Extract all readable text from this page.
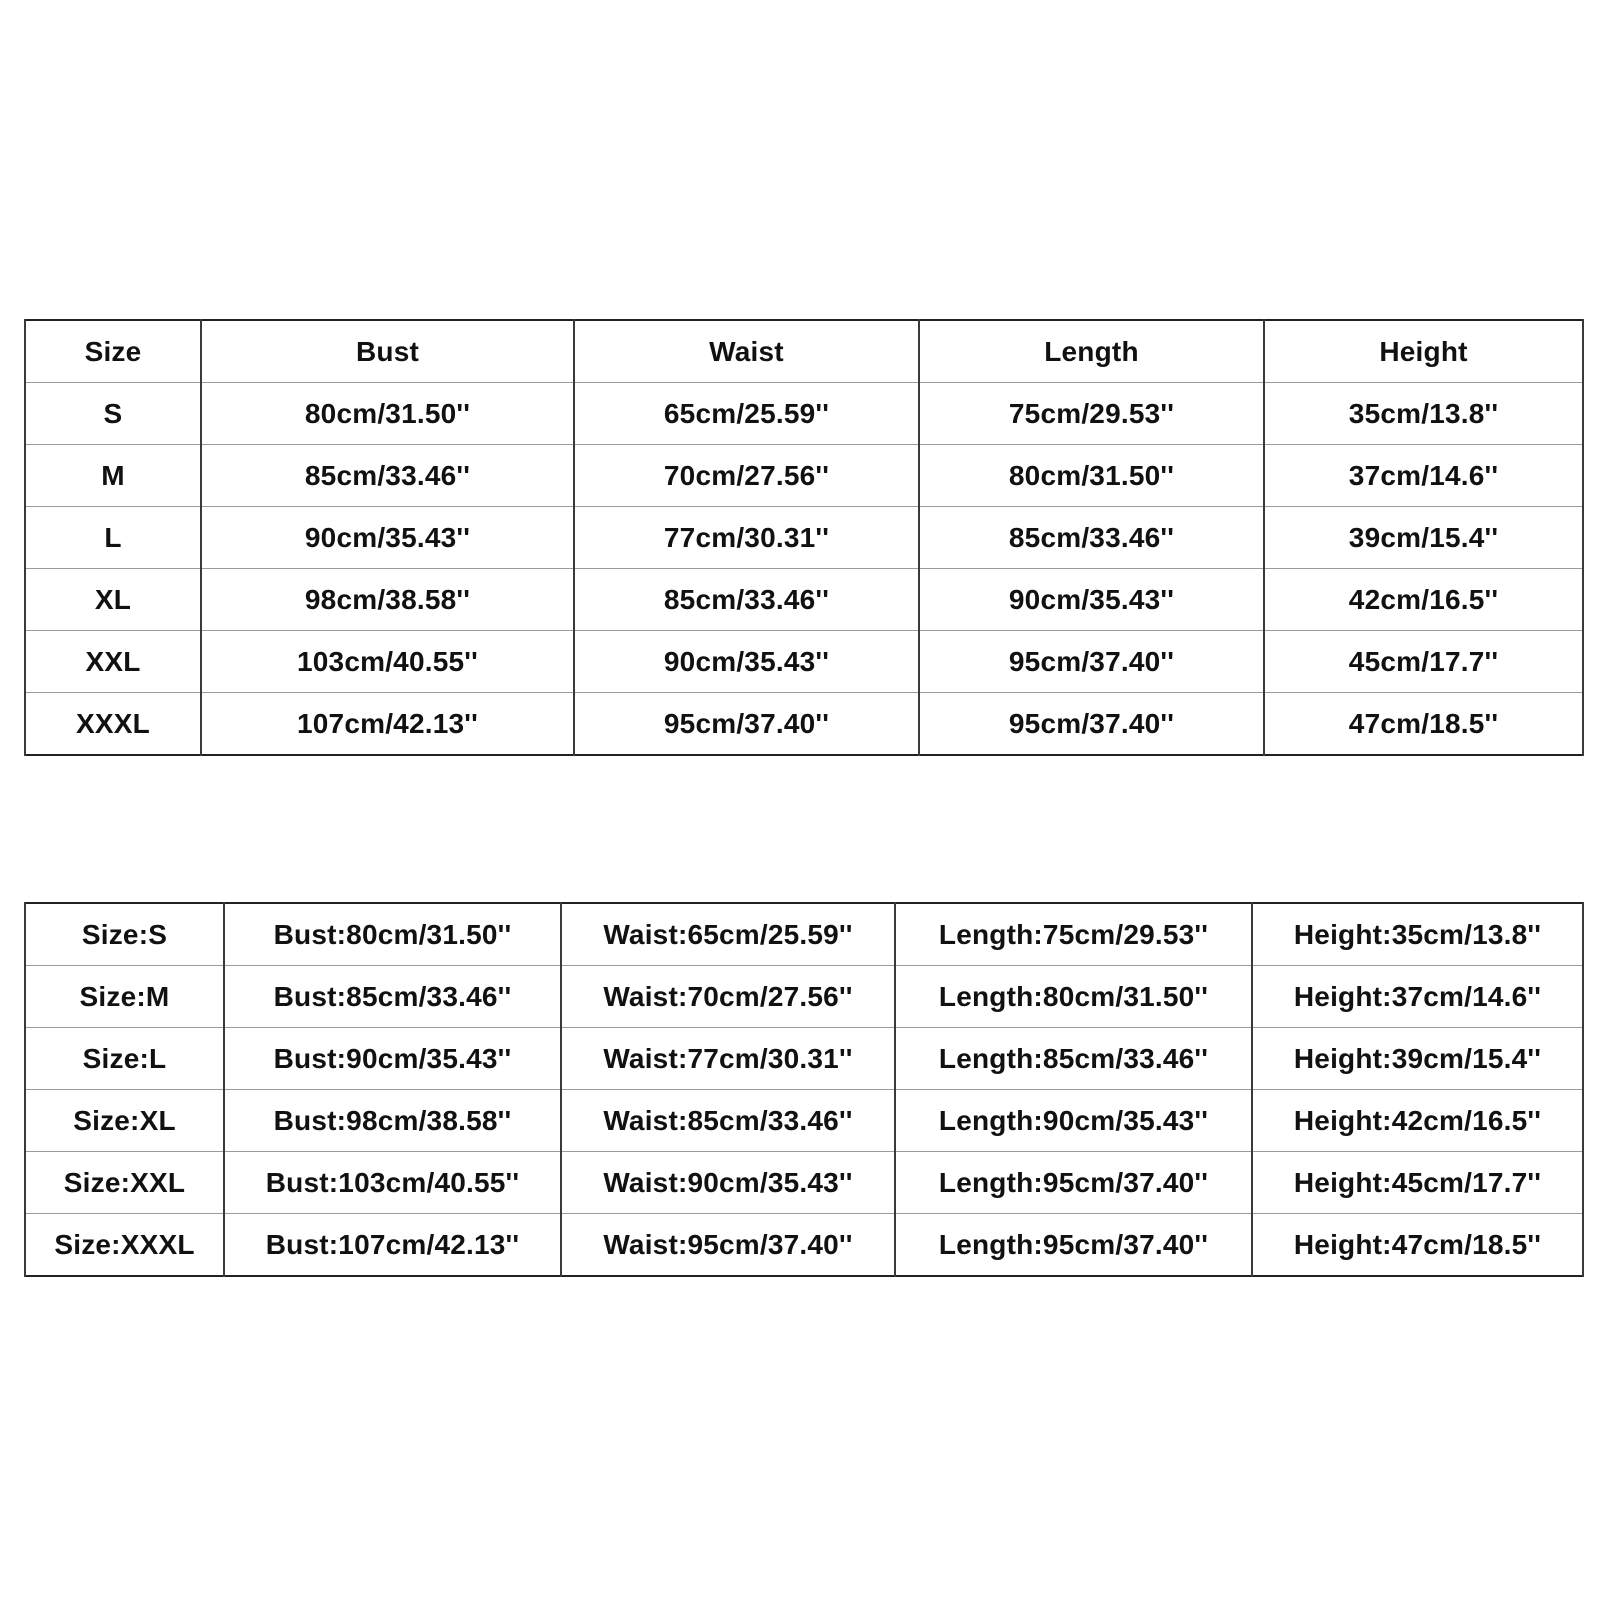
Size	Bust	Waist	Length	Height
S	80cm/31.50''	65cm/25.59''	75cm/29.53''	35cm/13.8''
M	85cm/33.46''	70cm/27.56''	80cm/31.50''	37cm/14.6''
L	90cm/35.43''	77cm/30.31''	85cm/33.46''	39cm/15.4''
XL	98cm/38.58''	85cm/33.46''	90cm/35.43''	42cm/16.5''
XXL	103cm/40.55''	90cm/35.43''	95cm/37.40''	45cm/17.7''
XXXL	107cm/42.13''	95cm/37.40''	95cm/37.40''	47cm/18.5''
Size:S	Bust:80cm/31.50''	Waist:65cm/25.59''	Length:75cm/29.53''	Height:35cm/13.8''
Size:M	Bust:85cm/33.46''	Waist:70cm/27.56''	Length:80cm/31.50''	Height:37cm/14.6''
Size:L	Bust:90cm/35.43''	Waist:77cm/30.31''	Length:85cm/33.46''	Height:39cm/15.4''
Size:XL	Bust:98cm/38.58''	Waist:85cm/33.46''	Length:90cm/35.43''	Height:42cm/16.5''
Size:XXL	Bust:103cm/40.55''	Waist:90cm/35.43''	Length:95cm/37.40''	Height:45cm/17.7''
Size:XXXL	Bust:107cm/42.13''	Waist:95cm/37.40''	Length:95cm/37.40''	Height:47cm/18.5''
